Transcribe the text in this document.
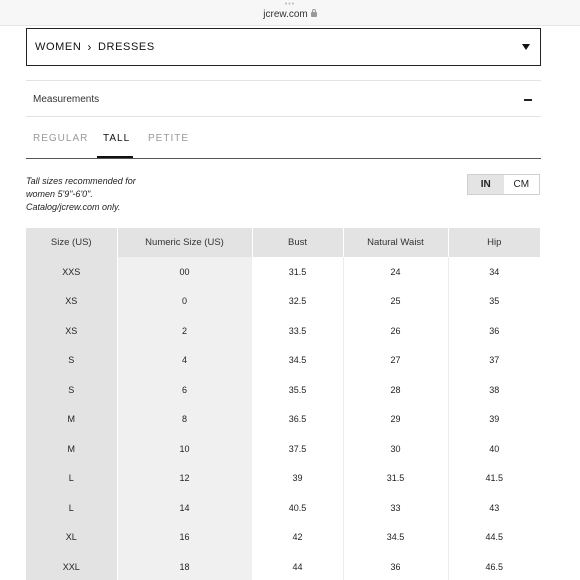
•••
jcrew.com
WOMEN › DRESSES
Measurements
REGULAR TALL PETITE
Tall sizes recommended for
women 5'9"-6'0".
Catalog/jcrew.com only.
IN	CM
Size (US)	Numeric Size (US)	Bust	Natural Waist	Hip
XXS	00	31.5	24	34
XS	0	32.5	25	35
XS	2	33.5	26	36
S	4	34.5	27	37
S	6	35.5	28	38
M	8	36.5	29	39
M	10	37.5	30	40
L	12	39	31.5	41.5
L	14	40.5	33	43
XL	16	42	34.5	44.5
XXL	18	44	36	46.5
